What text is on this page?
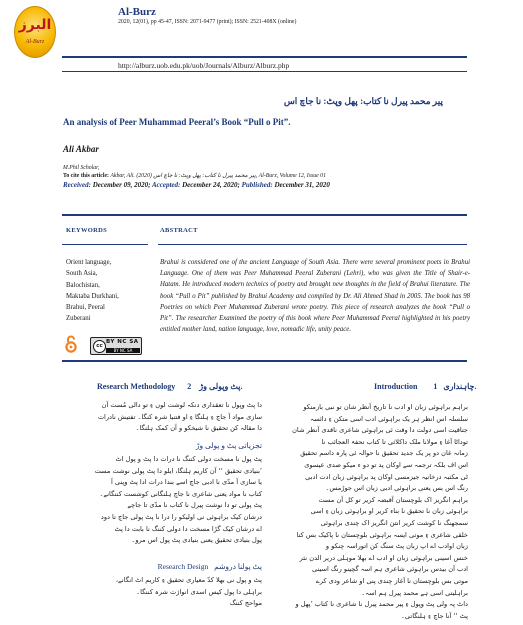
البرز
Al-Burz
Al-Burz
2020, 12(01), pp 45-47, ISSN: 2071-9477 (print); ISSN: 2521-408X (online)
http://alburz.uob.edu.pk/uob/Journals/Alburz/Alburz.php
پیر محمد پیرل نا کتاب: پھل وپٹ: نا جاچ اس
An analysis of Peer Muhammad Peeral’s Book “Pull o Pit”.
Ali Akbar
M.Phil Scholar,
To cite this article: Akbar, Ali. (2020) پیر محمد پیرل نا کتاب: پھل وپٹ: نا جاچ اس, Al-Burz, Volume 12, Issue 01
Received: December 09, 2020; Accepted: December 24, 2020; Published: December 31, 2020
KEYWORDS	ABSTRACT
Orient language,
South Asia,
Balochistan,
Maktaba Durkhani,
Brahui, Peeral
Zuberani
Brahui is considered one of the ancient Language of South Asia. There were several prominent poets in Brahui Language. One of them was Peer Muhammad Peeral Zuberani (Lehri), who was given the Title of Shair-e-Hatam. He introduced modern technics of poetry and brought new thoughts in the field of Brahui literature. The book “Pull o Pit” published by Brahui Academy and compiled by Dr. Ali Ahmed Shad in 2005. The book has 98 Poetries on which Peer Muhammad Zuberani wrote poetry. This piece of research analyzes the book “Pull o Pit”. The researcher Examined the poetry of this book where Peer Muhammad Peeral highlighted in his poetry entitled mother land, nation language, love, nomadic life, unity peace.
cc
BY NC SA
BY NC SA
Research Methodology	پٹ وپولی وڑ 2.
دا پٹ وپول نا تعقداری دنکہ لوشت لوں ءِ تو دالی مُست آن
سازی مواد آ جاچ ءِ ہلنگا ءِ او فتنیا شرہ کنگا۔ تفتیش نادرات
دا مقالہ کن تحقیق نا شیخکو و آن کمک ہلنگا۔
تجزیاتی پٹ و پولی وڑ
پٹ پول نا مسخت دولی کننگ نا درات دا پٹ و پول اٹ
’بنیادی تحقیق ‘‘ آن کاریم ہلنگا، ایلو دا پٹ پولی نوشت مست
یا سازی آ مدّی نا ادبی جاچ اسے بندا درات ادا پٹ وپنی آ
کتاب نا مواد یعنی شاعری نا جاچ ہلنگانی کوشست کننگانے۔
پٹ پولی تو دا نوشت پیرل نا کتاب نا مدّی تا جاچے
درشان کیک براہوئی نی اولیکو را درا نا پٹ پولی جاچ تا دود
اے درشان کیک گڑا مسخت دا دولی کننگ نا بابت دا پٹ
پول بنیادی تحقیق یعنی بنیادی پٹ پول اس مرو۔
پٹ پولنا دروشم Research Design
پٹ و پول نی بھلا کدّ معیاری تحقیق ءِ کاریم اٹ انگانے،
براہلی دا پول کیس اسدی انواژت شرہ کننگا۔
مواحج کننگ
Introduction	چاہنداری 1.
براہم براہوئی زبان او ادب نا تاریخ آنظر شان تو نبی بازمتکو
سلسلہ اس انظر ہر یک براہوئی ادب اسی متکن ءِ دائسہ
جتاقیت اسی دولت دا وقت ئی براہوئی شاعری ناقدی آنظر شان
توداٹا آغا ءِ مولانا ملک داکلاثی تا کتاب تحفۃ العجائب نا
زمانہ غان دو پر یک جدید تحقیق نا حوالہ ئی پارہ داسم تحقیق
اس اف بلکہ ترجمہ سے اوکان پد تو دو ء میکو صدی عیسوی
ٹی مکتبہ درخانیہ جیزمسی اوکان پد براہوئی زبان ادت ادبی
رنگ اس بس یعنی براہوئی ادبی زبان اس جوڑمس۔
براہم انگریز اک بلوچستان آقبضہ کریر تو کل آن مست
براہوئی زبان نا تحقیق نا بناء کریر او براہوئی زبان ءِ اسی
سمجھنگ نا کوشت کریر انتن انگریز اک چندی براہوئی
خلقی شاعری ءِ موتی ایسہ براہوئی بلوچستان نا پاکیک بس کتا
زبان اوادب اے اپ زبان پٹ سنگ کن اتوراسہ چنکو و
خنس اسینی براہوئی زبان او ادب اے بھلا موہلی دریر الدن نثر
ادب آن بیدس براہوئی شاعری ہم اسہ گچینو رنگ اسینی
موتی بس بلوچستان نا آغاز چندی پنی او شاعر ودی کرے
براہلیتی اسی ہے محمد پیرل ہم اسہ۔
داٹ پہ ولی پٹ وپول ءِ پیر محمد پیرل نا شاعری نا کتاب ’پھل و
پٹ ‘‘ آنا جاچ ءِ ہلنگاتی۔
